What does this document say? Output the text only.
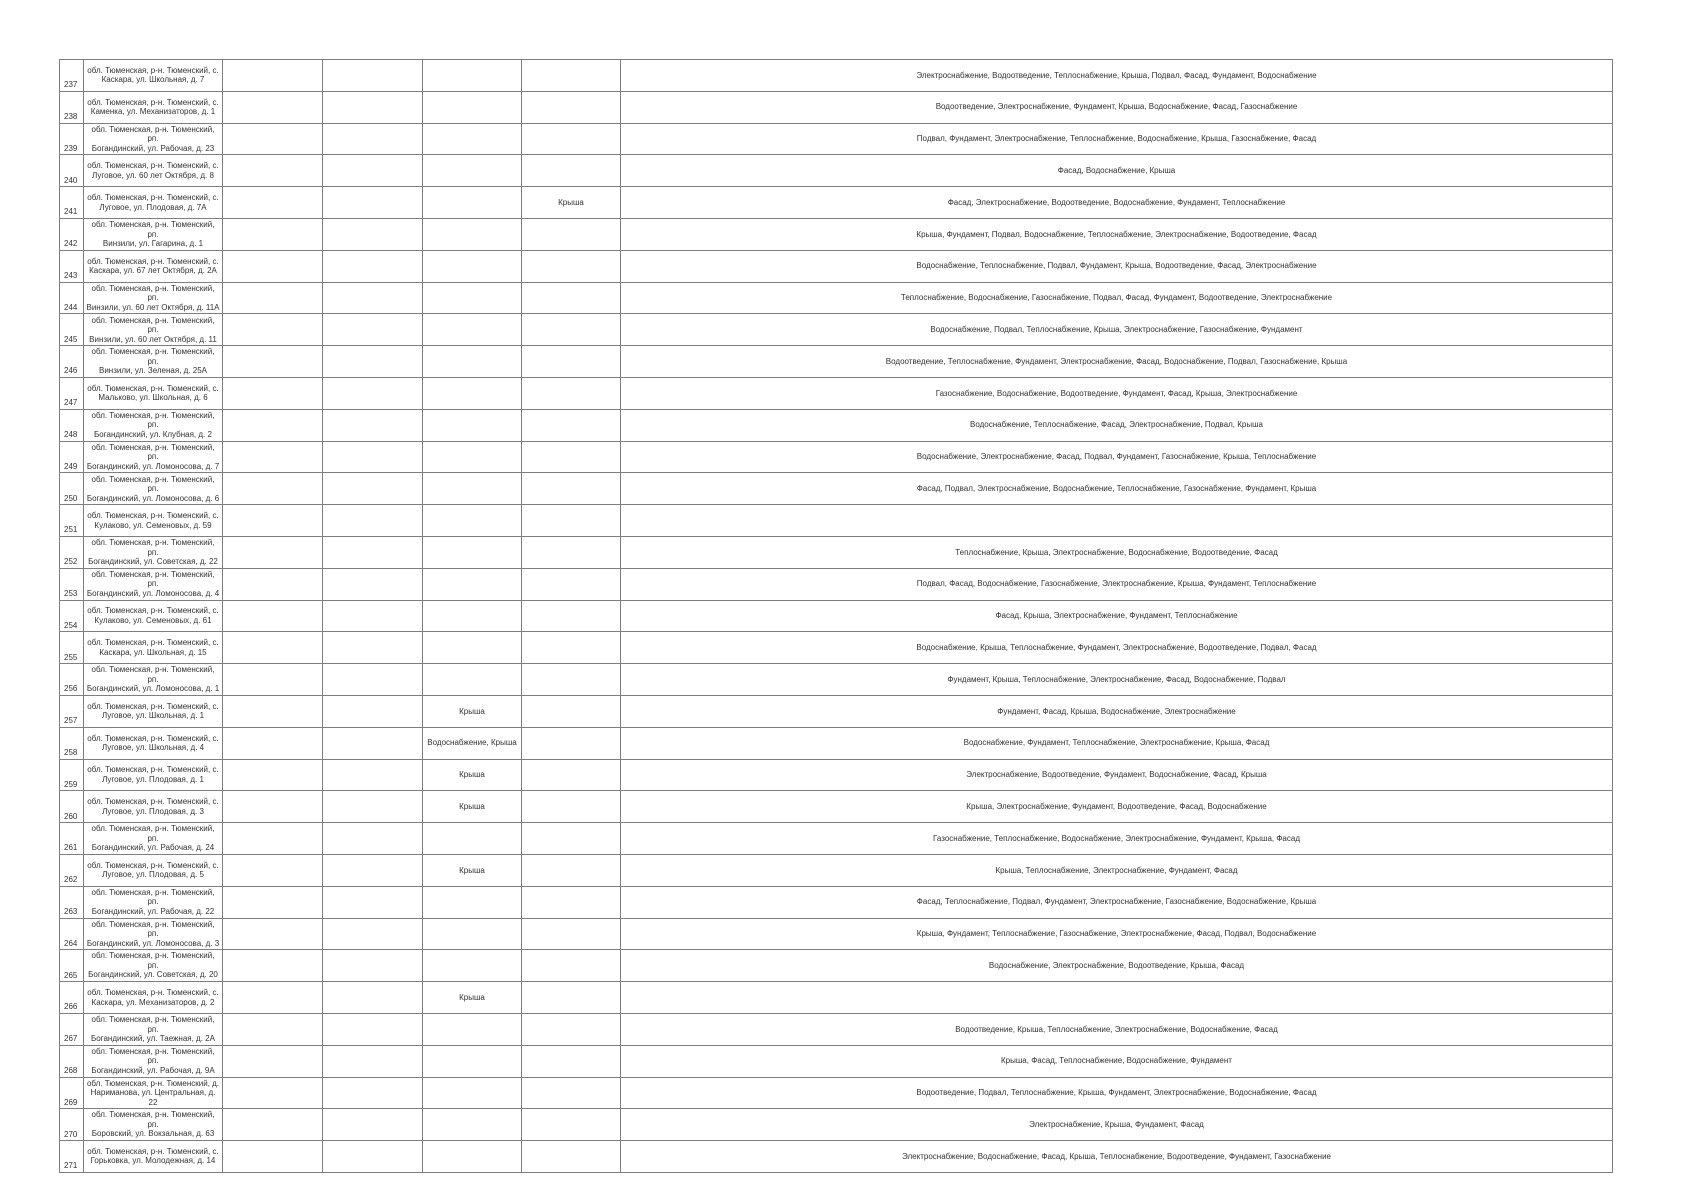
237	обл. Тюменская, р-н. Тюменский, с.
Каскара, ул. Школьная, д. 7					Электроснабжение, Водоотведение, Теплоснабжение, Крыша, Подвал, Фасад, Фундамент, Водоснабжение
238	обл. Тюменская, р-н. Тюменский, с.
Каменка, ул. Механизаторов, д. 1					Водоотведение, Электроснабжение, Фундамент, Крыша, Водоснабжение, Фасад, Газоснабжение
239	обл. Тюменская, р-н. Тюменский, рп.
Богандинский, ул. Рабочая, д. 23					Подвал, Фундамент, Электроснабжение, Теплоснабжение, Водоснабжение, Крыша, Газоснабжение, Фасад
240	обл. Тюменская, р-н. Тюменский, с.
Луговое, ул. 60 лет Октября, д. 8					Фасад, Водоснабжение, Крыша
241	обл. Тюменская, р-н. Тюменский, с.
Луговое, ул. Плодовая, д. 7А				Крыша	Фасад, Электроснабжение, Водоотведение, Водоснабжение, Фундамент, Теплоснабжение
242	обл. Тюменская, р-н. Тюменский, рп.
Винзили, ул. Гагарина, д. 1					Крыша, Фундамент, Подвал, Водоснабжение, Теплоснабжение, Электроснабжение, Водоотведение, Фасад
243	обл. Тюменская, р-н. Тюменский, с.
Каскара, ул. 67 лет Октября, д. 2А					Водоснабжение, Теплоснабжение, Подвал, Фундамент, Крыша, Водоотведение, Фасад, Электроснабжение
244	обл. Тюменская, р-н. Тюменский, рп.
Винзили, ул. 60 лет Октября, д. 11А					Теплоснабжение, Водоснабжение, Газоснабжение, Подвал, Фасад, Фундамент, Водоотведение, Электроснабжение
245	обл. Тюменская, р-н. Тюменский, рп.
Винзили, ул. 60 лет Октября, д. 11					Водоснабжение, Подвал, Теплоснабжение, Крыша, Электроснабжение, Газоснабжение, Фундамент
246	обл. Тюменская, р-н. Тюменский, рп.
Винзили, ул. Зеленая, д. 25А					Водоотведение, Теплоснабжение, Фундамент, Электроснабжение, Фасад, Водоснабжение, Подвал, Газоснабжение, Крыша
247	обл. Тюменская, р-н. Тюменский, с.
Мальково, ул. Школьная, д. 6					Газоснабжение, Водоснабжение, Водоотведение, Фундамент, Фасад, Крыша, Электроснабжение
248	обл. Тюменская, р-н. Тюменский, рп.
Богандинский, ул. Клубная, д. 2					Водоснабжение, Теплоснабжение, Фасад, Электроснабжение, Подвал, Крыша
249	обл. Тюменская, р-н. Тюменский, рп.
Богандинский, ул. Ломоносова, д. 7					Водоснабжение, Электроснабжение, Фасад, Подвал, Фундамент, Газоснабжение, Крыша, Теплоснабжение
250	обл. Тюменская, р-н. Тюменский, рп.
Богандинский, ул. Ломоносова, д. 6					Фасад, Подвал, Электроснабжение, Водоснабжение, Теплоснабжение, Газоснабжение, Фундамент, Крыша
251	обл. Тюменская, р-н. Тюменский, с.
Кулаково, ул. Семеновых, д. 59					
252	обл. Тюменская, р-н. Тюменский, рп.
Богандинский, ул. Советская, д. 22					Теплоснабжение, Крыша, Электроснабжение, Водоснабжение, Водоотведение, Фасад
253	обл. Тюменская, р-н. Тюменский, рп.
Богандинский, ул. Ломоносова, д. 4					Подвал, Фасад, Водоснабжение, Газоснабжение, Электроснабжение, Крыша, Фундамент, Теплоснабжение
254	обл. Тюменская, р-н. Тюменский, с.
Кулаково, ул. Семеновых, д. 61					Фасад, Крыша, Электроснабжение, Фундамент, Теплоснабжение
255	обл. Тюменская, р-н. Тюменский, с.
Каскара, ул. Школьная, д. 15					Водоснабжение, Крыша, Теплоснабжение, Фундамент, Электроснабжение, Водоотведение, Подвал, Фасад
256	обл. Тюменская, р-н. Тюменский, рп.
Богандинский, ул. Ломоносова, д. 1					Фундамент, Крыша, Теплоснабжение, Электроснабжение, Фасад, Водоснабжение, Подвал
257	обл. Тюменская, р-н. Тюменский, с.
Луговое, ул. Школьная, д. 1			Крыша		Фундамент, Фасад, Крыша, Водоснабжение, Электроснабжение
258	обл. Тюменская, р-н. Тюменский, с.
Луговое, ул. Школьная, д. 4			Водоснабжение, Крыша		Водоснабжение, Фундамент, Теплоснабжение, Электроснабжение, Крыша, Фасад
259	обл. Тюменская, р-н. Тюменский, с.
Луговое, ул. Плодовая, д. 1			Крыша		Электроснабжение, Водоотведение, Фундамент, Водоснабжение, Фасад, Крыша
260	обл. Тюменская, р-н. Тюменский, с.
Луговое, ул. Плодовая, д. 3			Крыша		Крыша, Электроснабжение, Фундамент, Водоотведение, Фасад, Водоснабжение
261	обл. Тюменская, р-н. Тюменский, рп.
Богандинский, ул. Рабочая, д. 24					Газоснабжение, Теплоснабжение, Водоснабжение, Электроснабжение, Фундамент, Крыша, Фасад
262	обл. Тюменская, р-н. Тюменский, с.
Луговое, ул. Плодовая, д. 5			Крыша		Крыша, Теплоснабжение, Электроснабжение, Фундамент, Фасад
263	обл. Тюменская, р-н. Тюменский, рп.
Богандинский, ул. Рабочая, д. 22					Фасад, Теплоснабжение, Подвал, Фундамент, Электроснабжение, Газоснабжение, Водоснабжение, Крыша
264	обл. Тюменская, р-н. Тюменский, рп.
Богандинский, ул. Ломоносова, д. 3					Крыша, Фундамент, Теплоснабжение, Газоснабжение, Электроснабжение, Фасад, Подвал, Водоснабжение
265	обл. Тюменская, р-н. Тюменский, рп.
Богандинский, ул. Советская, д. 20					Водоснабжение, Электроснабжение, Водоотведение, Крыша, Фасад
266	обл. Тюменская, р-н. Тюменский, с.
Каскара, ул. Механизаторов, д. 2			Крыша		
267	обл. Тюменская, р-н. Тюменский, рп.
Богандинский, ул. Таежная, д. 2А					Водоотведение, Крыша, Теплоснабжение, Электроснабжение, Водоснабжение, Фасад
268	обл. Тюменская, р-н. Тюменский, рп.
Богандинский, ул. Рабочая, д. 9А					Крыша, Фасад, Теплоснабжение, Водоснабжение, Фундамент
269	обл. Тюменская, р-н. Тюменский, д.
Нариманова, ул. Центральная, д. 22					Водоотведение, Подвал, Теплоснабжение, Крыша, Фундамент, Электроснабжение, Водоснабжение, Фасад
270	обл. Тюменская, р-н. Тюменский, рп.
Боровский, ул. Вокзальная, д. 63					Электроснабжение, Крыша, Фундамент, Фасад
271	обл. Тюменская, р-н. Тюменский, с.
Горьковка, ул. Молодежная, д. 14					Электроснабжение, Водоснабжение, Фасад, Крыша, Теплоснабжение, Водоотведение, Фундамент, Газоснабжение
